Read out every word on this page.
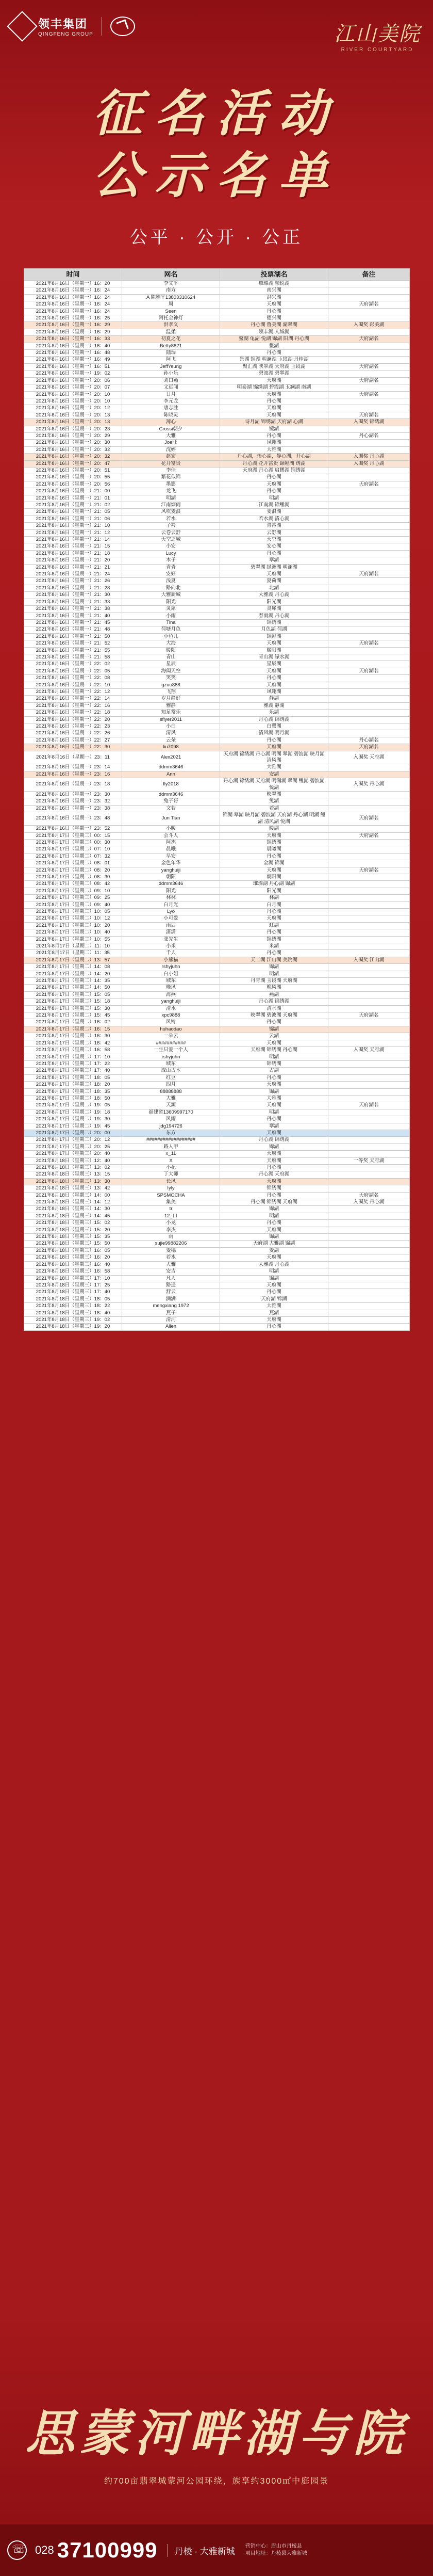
领丰集团
QINGFENG GROUP	江山美院
RIVER COURTYARD
征名活动
公示名单
公平 · 公开 · 公正
时间	网名	投票湖名	备注
2021年8月16日（星期一）16：20	李文平	璀璨湖 融悦湖	
2021年8月16日（星期一）16：24	南方	南兴湖	
2021年8月16日（星期一）16：24	A 陈雅平13803310624	洪兴湖	
2021年8月16日（星期一）16：24	周	天府湖	天府湖名
2021年8月16日（星期一）16：24	Seen	丹心湖	
2021年8月16日（星期一）16：25	阿托金神灯	德兴湖	
2021年8月16日（星期一）16：29	洪孝义	丹心湖 鲁美湖 湖翠湖	入围奖 彩美湖
2021年8月16日（星期一）16：29	温柔	领丰湖 人城湖	
2021年8月16日（星期一）16：33	初夏之花	鳌湖 龟湖 悦湖 锦湖 阳湖 丹心湖	天府湖名
2021年8月16日（星期一）16：40	Betty8821	鳌湖	
2021年8月16日（星期一）16：48	陆瑞	丹心湖	
2021年8月16日（星期一）16：49	阿飞	景湖 锦湖 明澜湖 玉镜湖 丹桂湖	
2021年8月16日（星期一）16：51	JeffYeung	聚汇湖 映翠湖 天府湖 玉镜湖	天府湖名
2021年8月16日（星期一）19：02	孙小乐	碧波湖 碧翠湖	
2021年8月16日（星期一）20：06	刘口燕	天府湖	天府湖名
2021年8月16日（星期一）20：07	文远闻	明泰湖 锦绣湖 碧霞湖 玉澜湖 南湖	
2021年8月16日（星期一）20：10	日月	天府湖	天府湖名
2021年8月16日（星期一）20：10	李元龙	丹心湖	
2021年8月16日（星期一）20：12	唐志胜	天府湖	
2021年8月16日（星期一）20：13	陈晓灵	天府湖	天府湖名
2021年8月16日（星期一）20：13	薄心	诗月湖 锦绣湖 天府湖 心湖	入围奖 锦绣湖
2021年8月16日（星期一）20：23	Crossi朝夕	镜湖	
2021年8月16日（星期一）20：29	大雅	丹心湖	丹心湖名
2021年8月16日（星期一）20：30	Joe旺	凤翔湖	
2021年8月16日（星期一）20：32	沈婷	大雅湖	
2021年8月16日（星期一）20：32	赵宏	丹心湖，怡心湖，静心湖，开心湖	入围奖 丹心湖
2021年8月16日（星期一）20：47	花开富贵	丹心湖 花开富贵 锦鲤湖 绣湖	入围奖 丹心湖
2021年8月16日（星期一）20：51	李佳	天府湖 丹心湖 启鹏湖 锦绣湖	
2021年8月16日（星期一）20：55	繁花似锦	丹心湖	
2021年8月16日（星期一）20：56	墨影	天府湖	天府湖名
2021年8月16日（星期一）21：00	龙飞	丹心湖	
2021年8月16日（星期一）21：01	明湖	明湖	
2021年8月16日（星期一）21：02	江南烟雨	江南湖 锦鲤湖	
2021年8月16日（星期一）21：05	风吹麦浪	麦浪湖	
2021年8月16日（星期一）21：06	若水	若水湖 清心湖	
2021年8月16日（星期一）21：10	子衿	青衿湖	
2021年8月16日（星期一）21：12	云卷云舒	云舒湖	
2021年8月16日（星期一）21：14	天空之城	天空湖	
2021年8月16日（星期一）21：15	小安	安心湖	
2021年8月16日（星期一）21：18	Lucy	丹心湖	
2021年8月16日（星期一）21：20	木子	翠湖	
2021年8月16日（星期一）21：21	青青	碧翠湖 绿洲湖 明澜湖	
2021年8月16日（星期一）21：24	安好	天府湖	天府湖名
2021年8月16日（星期一）21：26	浅夏	夏荷湖	
2021年8月16日（星期一）21：28	一路向北	北湖	
2021年8月16日（星期一）21：30	大雅新城	大雅湖 丹心湖	
2021年8月16日（星期一）21：33	阳光	阳光湖	
2021年8月16日（星期一）21：38	灵犀	灵犀湖	
2021年8月16日（星期一）21：40	小雨	春雨湖 丹心湖	
2021年8月16日（星期一）21：45	Tina	锦绣湖	
2021年8月16日（星期一）21：48	荷塘月色	月色湖 荷湖	
2021年8月16日（星期一）21：50	小鱼儿	锦鲤湖	
2021年8月16日（星期一）21：52	大海	天府湖	天府湖名
2021年8月16日（星期一）21：55	暖阳	暖阳湖	
2021年8月16日（星期一）21：58	青山	青山湖 绿水湖	
2021年8月16日（星期一）22：02	星辰	星辰湖	
2021年8月16日（星期一）22：05	海阔天空	天府湖	天府湖名
2021年8月16日（星期一）22：08	笑笑	丹心湖	
2021年8月16日（星期一）22：10	gzuo888	天府湖	
2021年8月16日（星期一）22：12	飞翔	凤翔湖	
2021年8月16日（星期一）22：14	岁月静好	静湖	
2021年8月16日（星期一）22：16	雅静	雅湖 静湖	
2021年8月16日（星期一）22：18	知足常乐	乐湖	
2021年8月16日（星期一）22：20	sflyer2011	丹心湖 锦绣湖	
2021年8月16日（星期一）22：23	小白	白鹭湖	
2021年8月16日（星期一）22：26	清风	清风湖 明月湖	
2021年8月16日（星期一）22：27	云朵	丹心湖	丹心湖名
2021年8月16日（星期一）22：30	liu7098	天府湖	天府湖名
2021年8月16日（星期一）23：11	Alex2021	天府湖 锦绣湖 丹心湖 明湖 翠湖 碧波湖 映月湖 清风湖	入围奖 天府湖
2021年8月16日（星期一）23：14	ddmm3646	大雅湖	
2021年8月16日（星期一）23：16	Ann	安湖	
2021年8月16日（星期一）23：18	fly2018	丹心湖 锦绣湖 天府湖 明澜湖 翠湖 鲤湖 碧波湖 悦湖	入围奖 丹心湖
2021年8月16日（星期一）23：30	ddmm3646	映翠湖	
2021年8月16日（星期一）23：32	兔子哥	兔湖	
2021年8月16日（星期一）23：38	文若	若湖	
2021年8月16日（星期一）23：48	Jun Tian	锦湖 翠湖 映月湖 碧波湖 天府湖 丹心湖 明湖 鲤湖 清风湖 悦湖	天府湖名
2021年8月16日（星期一）23：52	小暖	暖湖	
2021年8月17日（星期二）00：15	会斗人	天府湖	天府湖名
2021年8月17日（星期二）00：30	阿杰	锦绣湖	
2021年8月17日（星期二）07：10	晨曦	晨曦湖	
2021年8月17日（星期二）07：32	早安	丹心湖	
2021年8月17日（星期二）08：01	金色年华	金湖 锦湖	
2021年8月17日（星期二）08：20	yanghuiji	天府湖	天府湖名
2021年8月17日（星期二）08：30	朝阳	朝阳湖	
2021年8月17日（星期二）08：42	ddmm3646	璀璨湖 丹心湖 锦湖	
2021年8月17日（星期二）09：10	阳光	阳光湖	
2021年8月17日（星期二）09：25	林林	林湖	
2021年8月17日（星期二）09：40	白月光	白月湖	
2021年8月17日（星期二）10：05	Lyo	丹心湖	
2021年8月17日（星期二）10：12	小可爱	天府湖	
2021年8月17日（星期二）10：20	雨后	虹湖	
2021年8月17日（星期二）10：40	潇潇	丹心湖	
2021年8月17日（星期二）10：55	张先生	锦绣湖	
2021年8月17日（星期二）11：10	小米	米湖	
2021年8月17日（星期二）11：35	千人	丹心湖	
2021年8月17日（星期二）13：57	小熊猫	天工湖 江山湖 美院湖	入围奖 江山湖
2021年8月17日（星期二）14：08	rshyjuhn	锦湖	
2021年8月17日（星期二）14：20	白小姐	明湖	
2021年8月17日（星期二）14：35	城东	丹青湖 玉镜湖 天府湖	
2021年8月17日（星期二）14：50	晚风	晚风湖	
2021年8月17日（星期二）15：05	海燕	燕湖	
2021年8月17日（星期二）15：18	yanghuiji	丹心湖 锦绣湖	
2021年8月17日（星期二）15：30	清水	清水湖	
2021年8月17日（星期二）15：45	xpc9888	映翠湖 碧波湖 天府湖	天府湖名
2021年8月17日（星期二）16：02	风铃	丹心湖	
2021年8月17日（星期二）16：15	huhaodao	锦湖	
2021年8月17日（星期二）16：30	一朵云	云湖	
2021年8月17日（星期二）16：42	###########	天府湖	
2021年8月17日（星期二）16：58	一生只爱一个人	天府湖 锦绣湖 丹心湖	入围奖 天府湖
2021年8月17日（星期二）17：10	rshyjuhn	明湖	
2021年8月17日（星期二）17：22	城东	锦绣湖	
2021年8月17日（星期二）17：40	成山古木	古湖	
2021年8月17日（星期二）18：05	红豆	丹心湖	
2021年8月17日（星期二）18：20	四月	天府湖	
2021年8月17日（星期二）18：35	88888888	锦湖	
2021年8月17日（星期二）18：50	大雅	大雅湖	
2021年8月17日（星期二）19：05	天源	天府湖	天府湖名
2021年8月17日（星期二）19：18	福建省13609997170	明湖	
2021年8月17日（星期二）19：30	风雨	丹心湖	
2021年8月17日（星期二）19：45	jdg194726	翠湖	
2021年8月17日（星期二）20：00	东方	天府湖	
2021年8月17日（星期二）20：12	##################	丹心湖 锦绣湖	
2021年8月17日（星期二）20：25	路人甲	锦湖	
2021年8月17日（星期二）20：40	x_11	天府湖	
2021年8月18日（星期三）12：40	X	天府湖	一等奖 天府湖
2021年8月18日（星期三）13：02	小花	丹心湖	
2021年8月18日（星期三）13：15	丁大师	丹心湖 天府湖	
2021年8月18日（星期三）13：30	长风	天府湖	
2021年8月18日（星期三）13：42	Iyly	锦绣湖	
2021年8月18日（星期三）14：00	SPSMOCHA	丹心湖	天府湖名
2021年8月18日（星期三）14：12	集美	丹心湖 锦绣湖 天府湖	入围奖 丹心湖
2021年8月18日（星期三）14：30	tr	锦湖	
2021年8月18日（星期三）14：45	12_口	明湖	
2021年8月18日（星期三）15：02	小龙	丹心湖	
2021年8月18日（星期三）15：20	李杰	天府湖	
2021年8月18日（星期三）15：35	雨	锦湖	
2021年8月18日（星期三）15：50	sujie99882206	天府湖 大雅湖 锦湖	
2021年8月18日（星期三）16：05	麦穗	麦湖	
2021年8月18日（星期三）16：20	若水	天府湖	
2021年8月18日（星期三）16：40	大雅	大雅湖 丹心湖	
2021年8月18日（星期三）16：58	安吉	明湖	
2021年8月18日（星期三）17：10	凡人	锦湖	
2021年8月18日（星期三）17：25	路遥	天府湖	
2021年8月18日（星期三）17：40	舒云	丹心湖	
2021年8月18日（星期三）18：05	满满	天府湖 锦湖	
2021年8月18日（星期三）18：22	mengxiang 1972	大雅湖	
2021年8月18日（星期三）18：40	燕子	燕湖	
2021年8月18日（星期三）19：02	清河	天府湖	
2021年8月18日（星期三）19：20	Allen	丹心湖	
思蒙河畔湖与院
约700亩翡翠城蒙河公园环绕，族享约3000㎡中庭园景
☏
028 37100999	丹棱 · 大雅新城 营销中心：眉山市丹棱县
项目地址：丹棱县大雅新城
